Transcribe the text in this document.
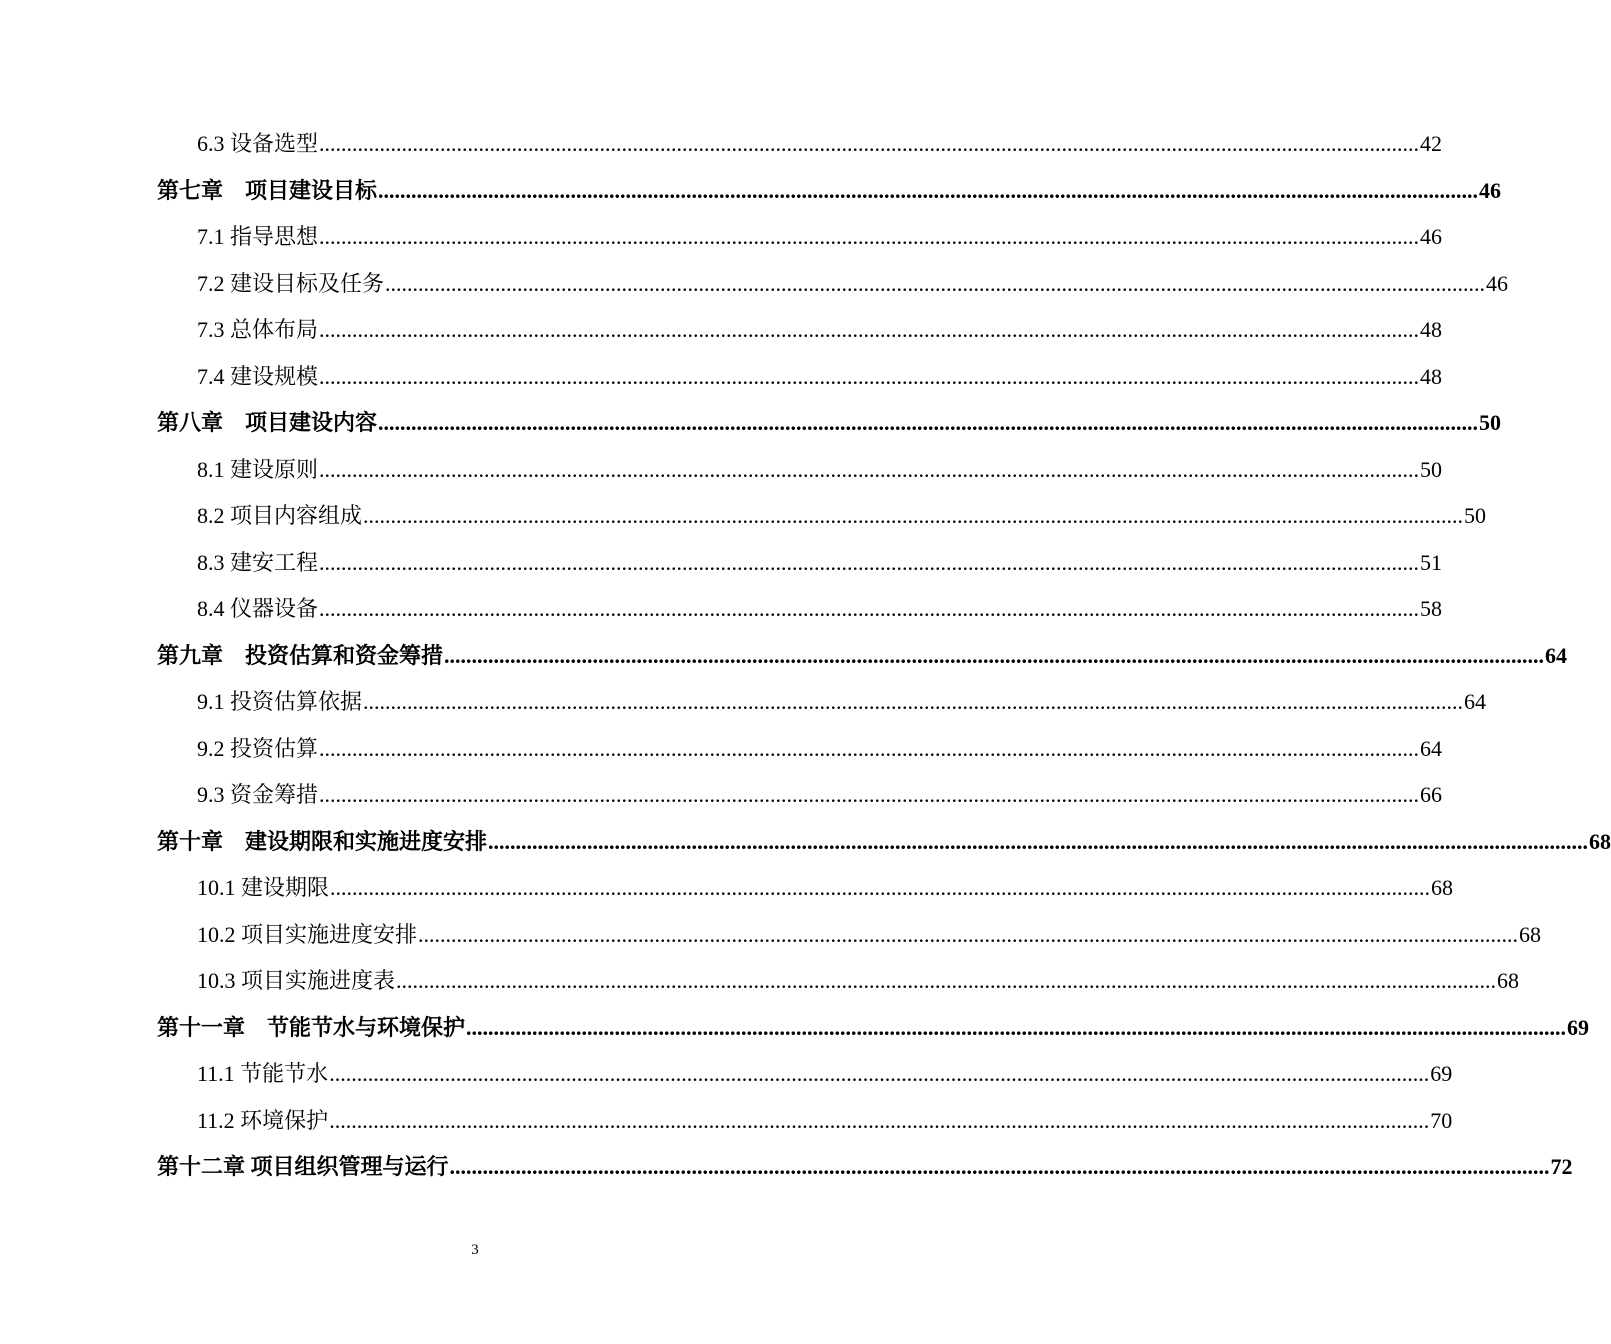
6.3 设备选型 ........................................................................................................................................................................................................ 42
第七章　项目建设目标 ........................................................................................................................................................................................................ 46
7.1 指导思想 ........................................................................................................................................................................................................ 46
7.2 建设目标及任务 ........................................................................................................................................................................................................ 46
7.3 总体布局 ........................................................................................................................................................................................................ 48
7.4 建设规模 ........................................................................................................................................................................................................ 48
第八章　项目建设内容 ........................................................................................................................................................................................................ 50
8.1 建设原则 ........................................................................................................................................................................................................ 50
8.2 项目内容组成 ........................................................................................................................................................................................................ 50
8.3 建安工程 ........................................................................................................................................................................................................ 51
8.4 仪器设备 ........................................................................................................................................................................................................ 58
第九章　投资估算和资金筹措 ........................................................................................................................................................................................................ 64
9.1 投资估算依据 ........................................................................................................................................................................................................ 64
9.2 投资估算 ........................................................................................................................................................................................................ 64
9.3 资金筹措 ........................................................................................................................................................................................................ 66
第十章　建设期限和实施进度安排 ........................................................................................................................................................................................................ 68
10.1 建设期限 ........................................................................................................................................................................................................ 68
10.2 项目实施进度安排 ........................................................................................................................................................................................................ 68
10.3 项目实施进度表 ........................................................................................................................................................................................................ 68
第十一章　节能节水与环境保护 ........................................................................................................................................................................................................ 69
11.1 节能节水 ........................................................................................................................................................................................................ 69
11.2 环境保护 ........................................................................................................................................................................................................ 70
第十二章 项目组织管理与运行 ........................................................................................................................................................................................................ 72
3
